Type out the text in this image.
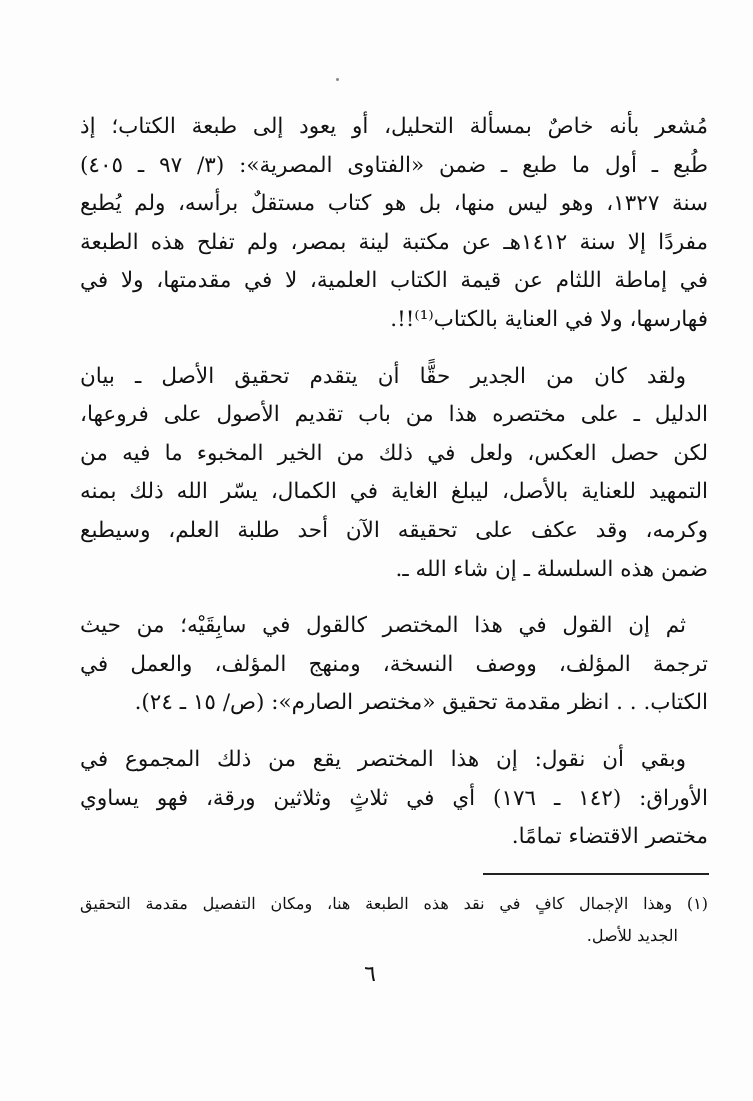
مُشعر بأنه خاصٌ بمسألة التحليل، أو يعود إلى طبعة الكتاب؛ إذ
طُبع ـ أول ما طبع ـ ضمن «الفتاوى المصرية»: (٣/ ٩٧ ـ ٤٠٥)
سنة ١٣٢٧، وهو ليس منها، بل هو كتاب مستقلٌ برأسه، ولم يُطبع
مفردًا إلا سنة ١٤١٢هـ عن مكتبة لينة بمصر، ولم تفلح هذه الطبعة
في إماطة اللثام عن قيمة الكتاب العلمية، لا في مقدمتها، ولا في
فهارسها، ولا في العناية بالكتاب⁽¹⁾!!.
ولقد كان من الجدير حقًّا أن يتقدم تحقيق الأصل ـ بيان
الدليل ـ على مختصره هذا من باب تقديم الأصول على فروعها،
لكن حصل العكس، ولعل في ذلك من الخير المخبوء ما فيه من
التمهيد للعناية بالأصل، ليبلغ الغاية في الكمال، يسّر الله ذلك بمنه
وكرمه، وقد عكف على تحقيقه الآن أحد طلبة العلم، وسيطبع
ضمن هذه السلسلة ـ إن شاء الله ـ.
ثم إن القول في هذا المختصر كالقول في سابِقَيْه؛ من حيث
ترجمة المؤلف، ووصف النسخة، ومنهج المؤلف، والعمل في
الكتاب. . . انظر مقدمة تحقيق «مختصر الصارم»: (ص/ ١٥ ـ ٢٤).
وبقي أن نقول: إن هذا المختصر يقع من ذلك المجموع في
الأوراق: (١٤٢ ـ ١٧٦) أي في ثلاثٍ وثلاثين ورقة، فهو يساوي
مختصر الاقتضاء تمامًا.
(١) وهذا الإجمال كافٍ في نقد هذه الطبعة هنا، ومكان التفصيل مقدمة التحقيق
الجديد للأصل.
٦
